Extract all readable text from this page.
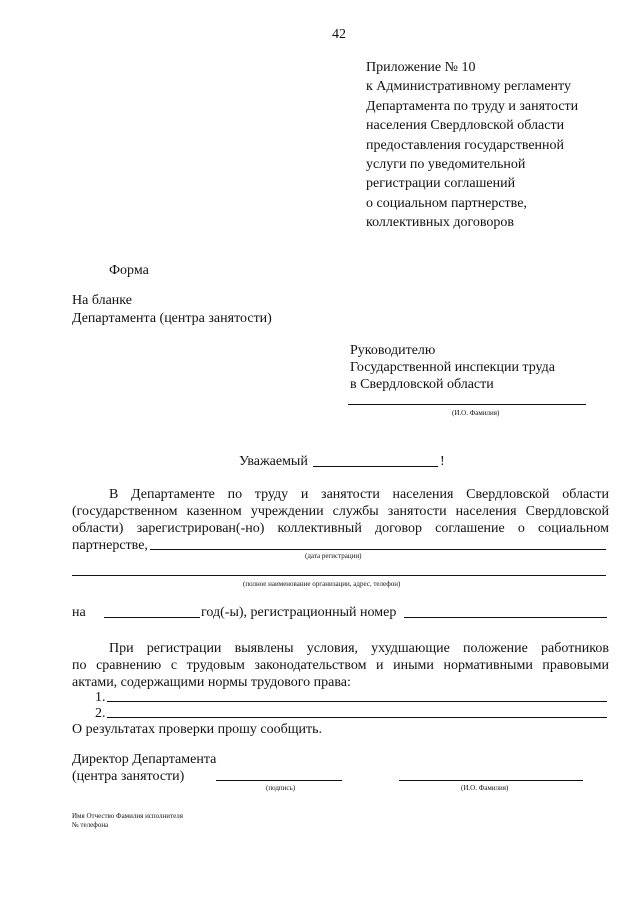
42
Приложение № 10
к Административному регламенту
Департамента по труду и занятости
населения Свердловской области
предоставления государственной
услуги по уведомительной
регистрации соглашений
о социальном партнерстве,
коллективных договоров
Форма
На бланке
Департамента (центра занятости)
Руководителю
Государственной инспекции труда
в Свердловской области
(И.О. Фамилия)
Уважаемый	!
В Департаменте по труду и занятости населения Свердловской области
(государственном казенном учреждении службы занятости населения Свердловской
области) зарегистрирован(-но) коллективный договор соглашение о социальном
партнерстве,
(дата регистрации)
(полное наименование организации, адрес, телефон)
на	год(-ы), регистрационный номер
При регистрации выявлены условия, ухудшающие положение работников
по сравнению с трудовым законодательством и иными нормативными правовыми
актами, содержащими нормы трудового права:
1.
2.
О результатах проверки прошу сообщить.
Директор Департамента
(центра занятости)
(подпись)	(И.О. Фамилия)
Имя Отчество Фамилия исполнителя
№ телефона
